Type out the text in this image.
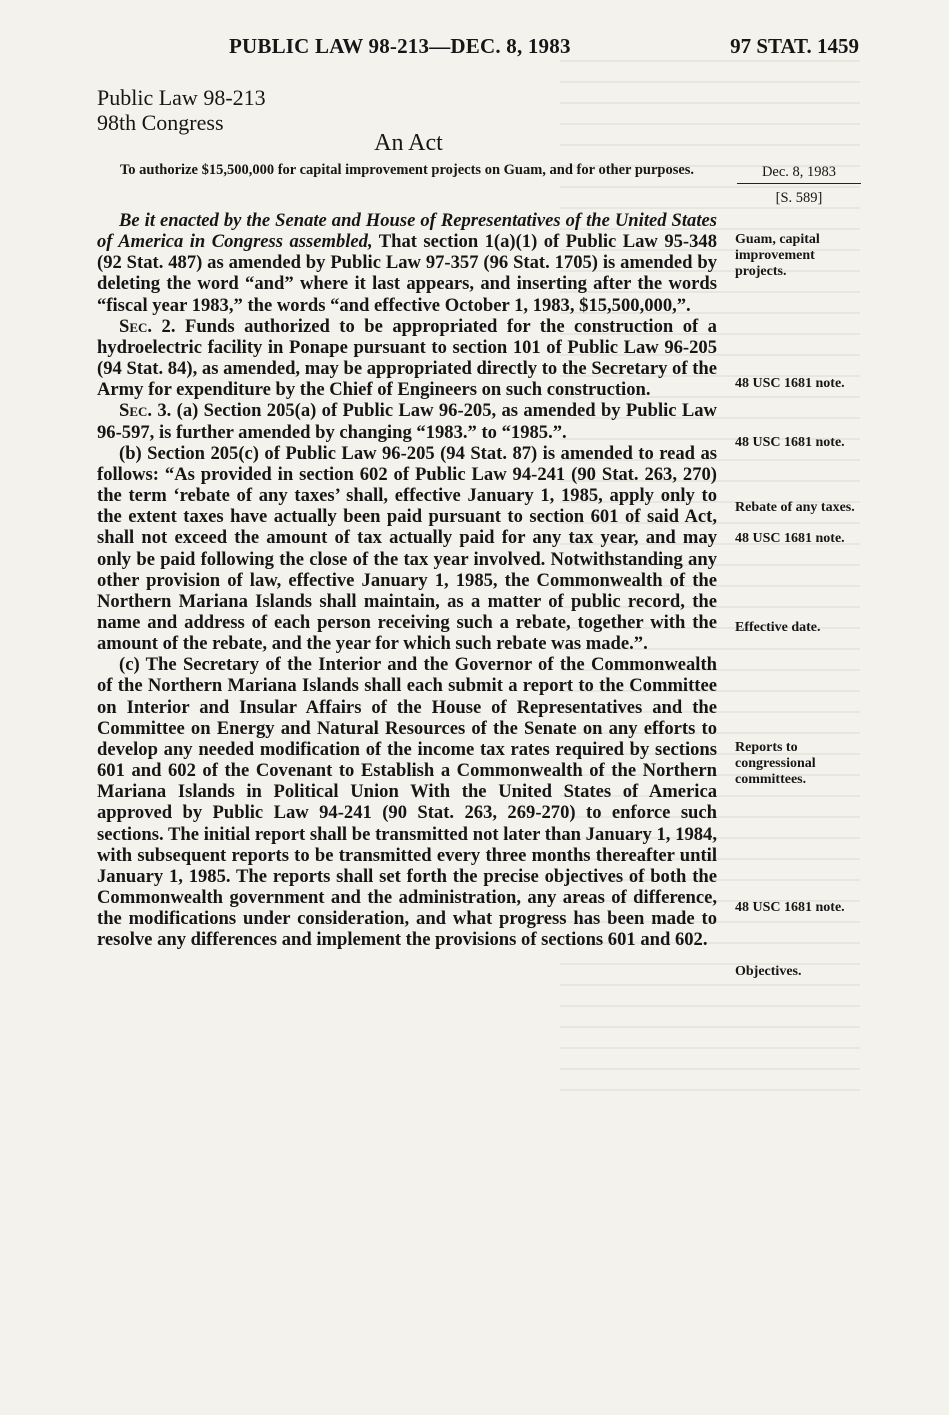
PUBLIC LAW 98-213—DEC. 8, 1983	97 STAT. 1459
Public Law 98-213
98th Congress
An Act
To authorize $15,500,000 for capital improvement projects on Guam, and for other purposes.	Dec. 8, 1983
[S. 589]

Be it enacted by the Senate and House of Representatives of the United States of America in Congress assembled, That section 1(a)(1) of Public Law 95-348 (92 Stat. 487) as amended by Public Law 97-357 (96 Stat. 1705) is amended by deleting the word “and” where it last appears, and inserting after the words “fiscal year 1983,” the words “and effective October 1, 1983, $15,500,000,”.

Sec. 2. Funds authorized to be appropriated for the construction of a hydroelectric facility in Ponape pursuant to section 101 of Public Law 96-205 (94 Stat. 84), as amended, may be appropriated directly to the Secretary of the Army for expenditure by the Chief of Engineers on such construction.

Sec. 3. (a) Section 205(a) of Public Law 96-205, as amended by Public Law 96-597, is further amended by changing “1983.” to “1985.”.

(b) Section 205(c) of Public Law 96-205 (94 Stat. 87) is amended to read as follows: “As provided in section 602 of Public Law 94-241 (90 Stat. 263, 270) the term ‘rebate of any taxes’ shall, effective January 1, 1985, apply only to the extent taxes have actually been paid pursuant to section 601 of said Act, shall not exceed the amount of tax actually paid for any tax year, and may only be paid following the close of the tax year involved. Notwithstanding any other provision of law, effective January 1, 1985, the Commonwealth of the Northern Mariana Islands shall maintain, as a matter of public record, the name and address of each person receiving such a rebate, together with the amount of the rebate, and the year for which such rebate was made.”.

(c) The Secretary of the Interior and the Governor of the Commonwealth of the Northern Mariana Islands shall each submit a report to the Committee on Interior and Insular Affairs of the House of Representatives and the Committee on Energy and Natural Resources of the Senate on any efforts to develop any needed modification of the income tax rates required by sections 601 and 602 of the Covenant to Establish a Commonwealth of the Northern Mariana Islands in Political Union With the United States of America approved by Public Law 94-241 (90 Stat. 263, 269-270) to enforce such sections. The initial report shall be transmitted not later than January 1, 1984, with subsequent reports to be transmitted every three months thereafter until January 1, 1985. The reports shall set forth the precise objectives of both the Commonwealth government and the administration, any areas of difference, the modifications under consideration, and what progress has been made to resolve any differences and implement the provisions of sections 601 and 602.

Guam, capital improvement projects.
48 USC 1681 note.
48 USC 1681 note.
Rebate of any taxes.
48 USC 1681 note.
Effective date.
Reports to congressional committees.
48 USC 1681 note.
Objectives.
